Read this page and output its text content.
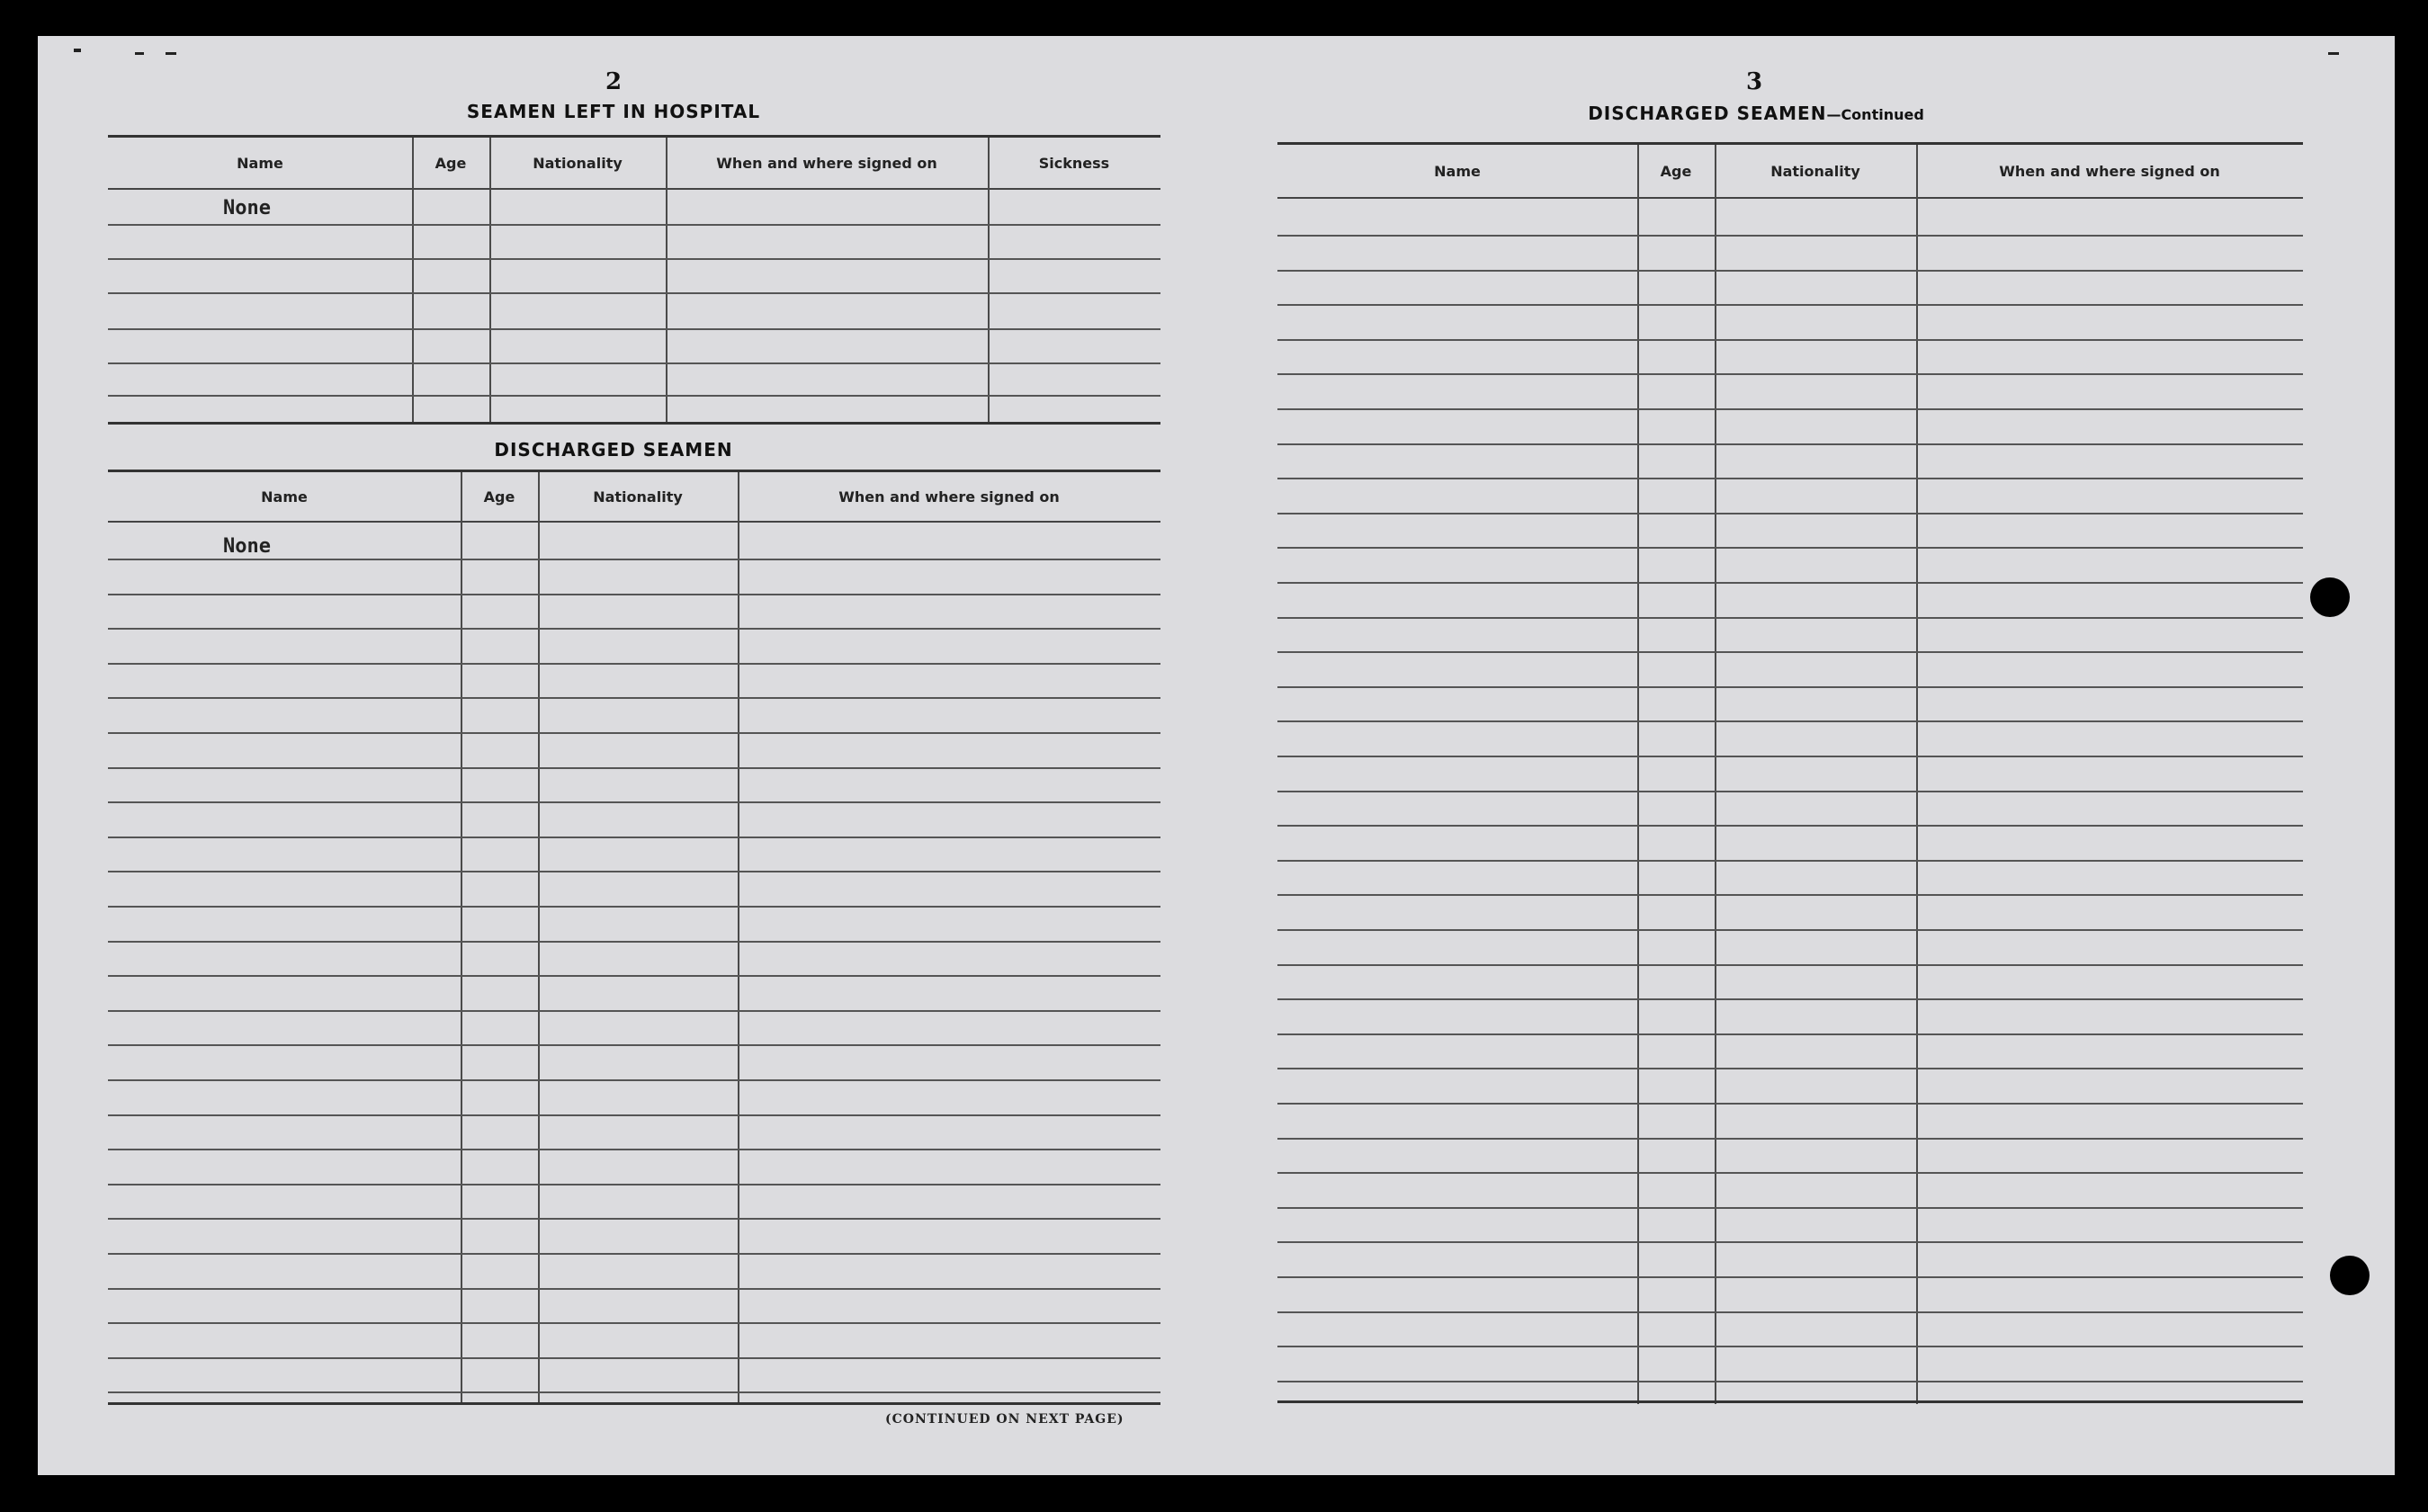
2
SEAMEN LEFT IN HOSPITAL
Name	Age	Nationality	When and where signed on	Sickness
None
DISCHARGED SEAMEN
Name	Age	Nationality	When and where signed on
None
(CONTINUED ON NEXT PAGE)
3
DISCHARGED SEAMEN—Continued
Name	Age	Nationality	When and where signed on
